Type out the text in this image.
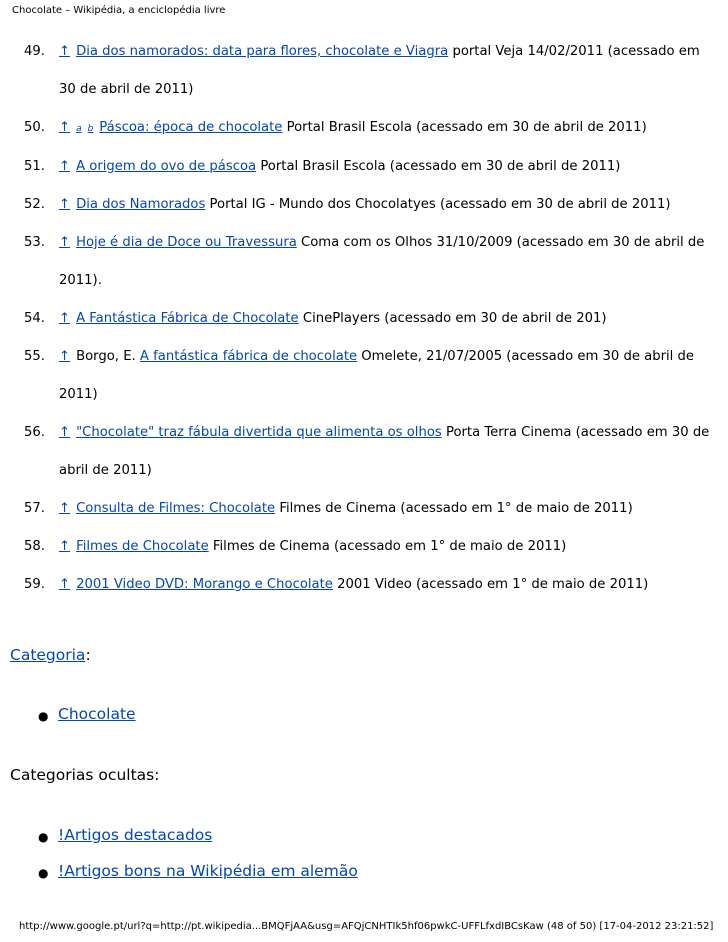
Chocolate – Wikipédia, a enciclopédia livre
49.	↑ Dia dos namorados: data para flores, chocolate e Viagra portal Veja 14/02/2011 (acessado em
30 de abril de 2011)
50.	↑ a b Páscoa: época de chocolate Portal Brasil Escola (acessado em 30 de abril de 2011)
51.	↑ A origem do ovo de páscoa Portal Brasil Escola (acessado em 30 de abril de 2011)
52.	↑ Dia dos Namorados Portal IG - Mundo dos Chocolatyes (acessado em 30 de abril de 2011)
53.	↑ Hoje é dia de Doce ou Travessura Coma com os Olhos 31/10/2009 (acessado em 30 de abril de
2011).
54.	↑ A Fantástica Fábrica de Chocolate CinePlayers (acessado em 30 de abril de 201)
55.	↑ Borgo, E. A fantástica fábrica de chocolate Omelete, 21/07/2005 (acessado em 30 de abril de
2011)
56.	↑ "Chocolate" traz fábula divertida que alimenta os olhos Porta Terra Cinema (acessado em 30 de
abril de 2011)
57.	↑ Consulta de Filmes: Chocolate Filmes de Cinema (acessado em 1° de maio de 2011)
58.	↑ Filmes de Chocolate Filmes de Cinema (acessado em 1° de maio de 2011)
59.	↑ 2001 Video DVD: Morango e Chocolate 2001 Video (acessado em 1° de maio de 2011)
Categoria:
● Chocolate
Categorias ocultas:
● !Artigos destacados
● !Artigos bons na Wikipédia em alemão
http://www.google.pt/url?q=http://pt.wikipedia...BMQFjAA&usg=AFQjCNHTIk5hf06pwkC-UFFLfxdIBCsKaw (48 of 50) [17-04-2012 23:21:52]
